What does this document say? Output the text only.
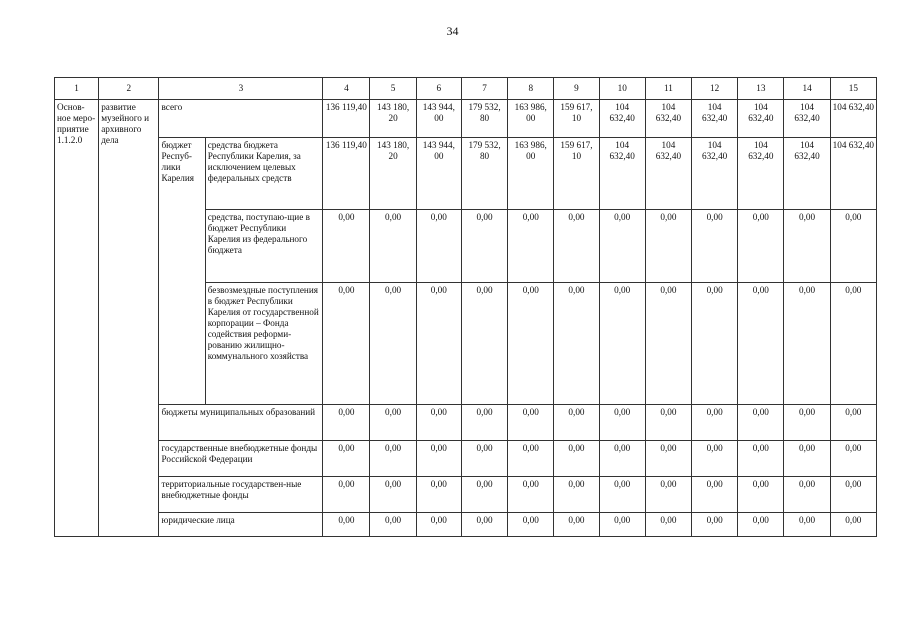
34
1	2	3		4	5	6	7	8	9	10	11	12	13	14	15
Основ-ное меро-приятие 1.1.2.0	развитие музейного и архивного дела	всего		136 119,40	143 180, 20	143 944, 00	179 532, 80	163 986, 00	159 617, 10	104 632,40	104 632,40	104 632,40	104 632,40	104 632,40	104 632,40
		бюджет Респуб-лики Карелия	средства бюджета Республики Карелия, за исключением целевых федеральных средств	136 119,40	143 180, 20	143 944, 00	179 532, 80	163 986, 00	159 617, 10	104 632,40	104 632,40	104 632,40	104 632,40	104 632,40	104 632,40
			средства, поступаю-щие в бюджет Республики Карелия из федерального бюджета	0,00	0,00	0,00	0,00	0,00	0,00	0,00	0,00	0,00	0,00	0,00	0,00
			безвозмездные поступления в бюджет Республики Карелия от государственной корпорации – Фонда содействия реформи-рованию жилищно-коммунального хозяйства	0,00	0,00	0,00	0,00	0,00	0,00	0,00	0,00	0,00	0,00	0,00	0,00
		бюджеты муниципальных образований		0,00	0,00	0,00	0,00	0,00	0,00	0,00	0,00	0,00	0,00	0,00	0,00
		государственные внебюджетные фонды Российской Федерации		0,00	0,00	0,00	0,00	0,00	0,00	0,00	0,00	0,00	0,00	0,00	0,00
		территориальные государствен-ные внебюджетные фонды		0,00	0,00	0,00	0,00	0,00	0,00	0,00	0,00	0,00	0,00	0,00	0,00
		юридические лица		0,00	0,00	0,00	0,00	0,00	0,00	0,00	0,00	0,00	0,00	0,00	0,00
